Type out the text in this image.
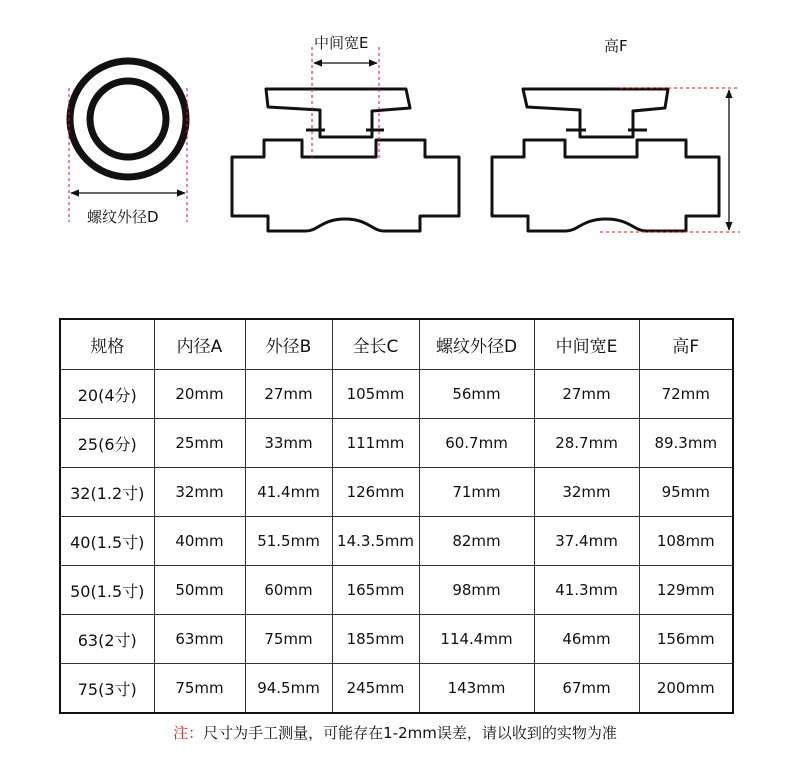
螺纹外径D
中间宽E	高F
规格	内径A	外径B	全长C	螺纹外径D	中间宽E	高F
20(4分)	20mm	27mm	105mm	56mm	27mm	72mm
25(6分)	25mm	33mm	111mm	60.7mm	28.7mm	89.3mm
32(1.2寸)	32mm	41.4mm	126mm	71mm	32mm	95mm
40(1.5寸)	40mm	51.5mm	14.3.5mm	82mm	37.4mm	108mm
50(1.5寸)	50mm	60mm	165mm	98mm	41.3mm	129mm
63(2寸)	63mm	75mm	185mm	114.4mm	46mm	156mm
75(3寸)	75mm	94.5mm	245mm	143mm	67mm	200mm
注：尺寸为手工测量，可能存在1-2mm误差，请以收到的实物为准
